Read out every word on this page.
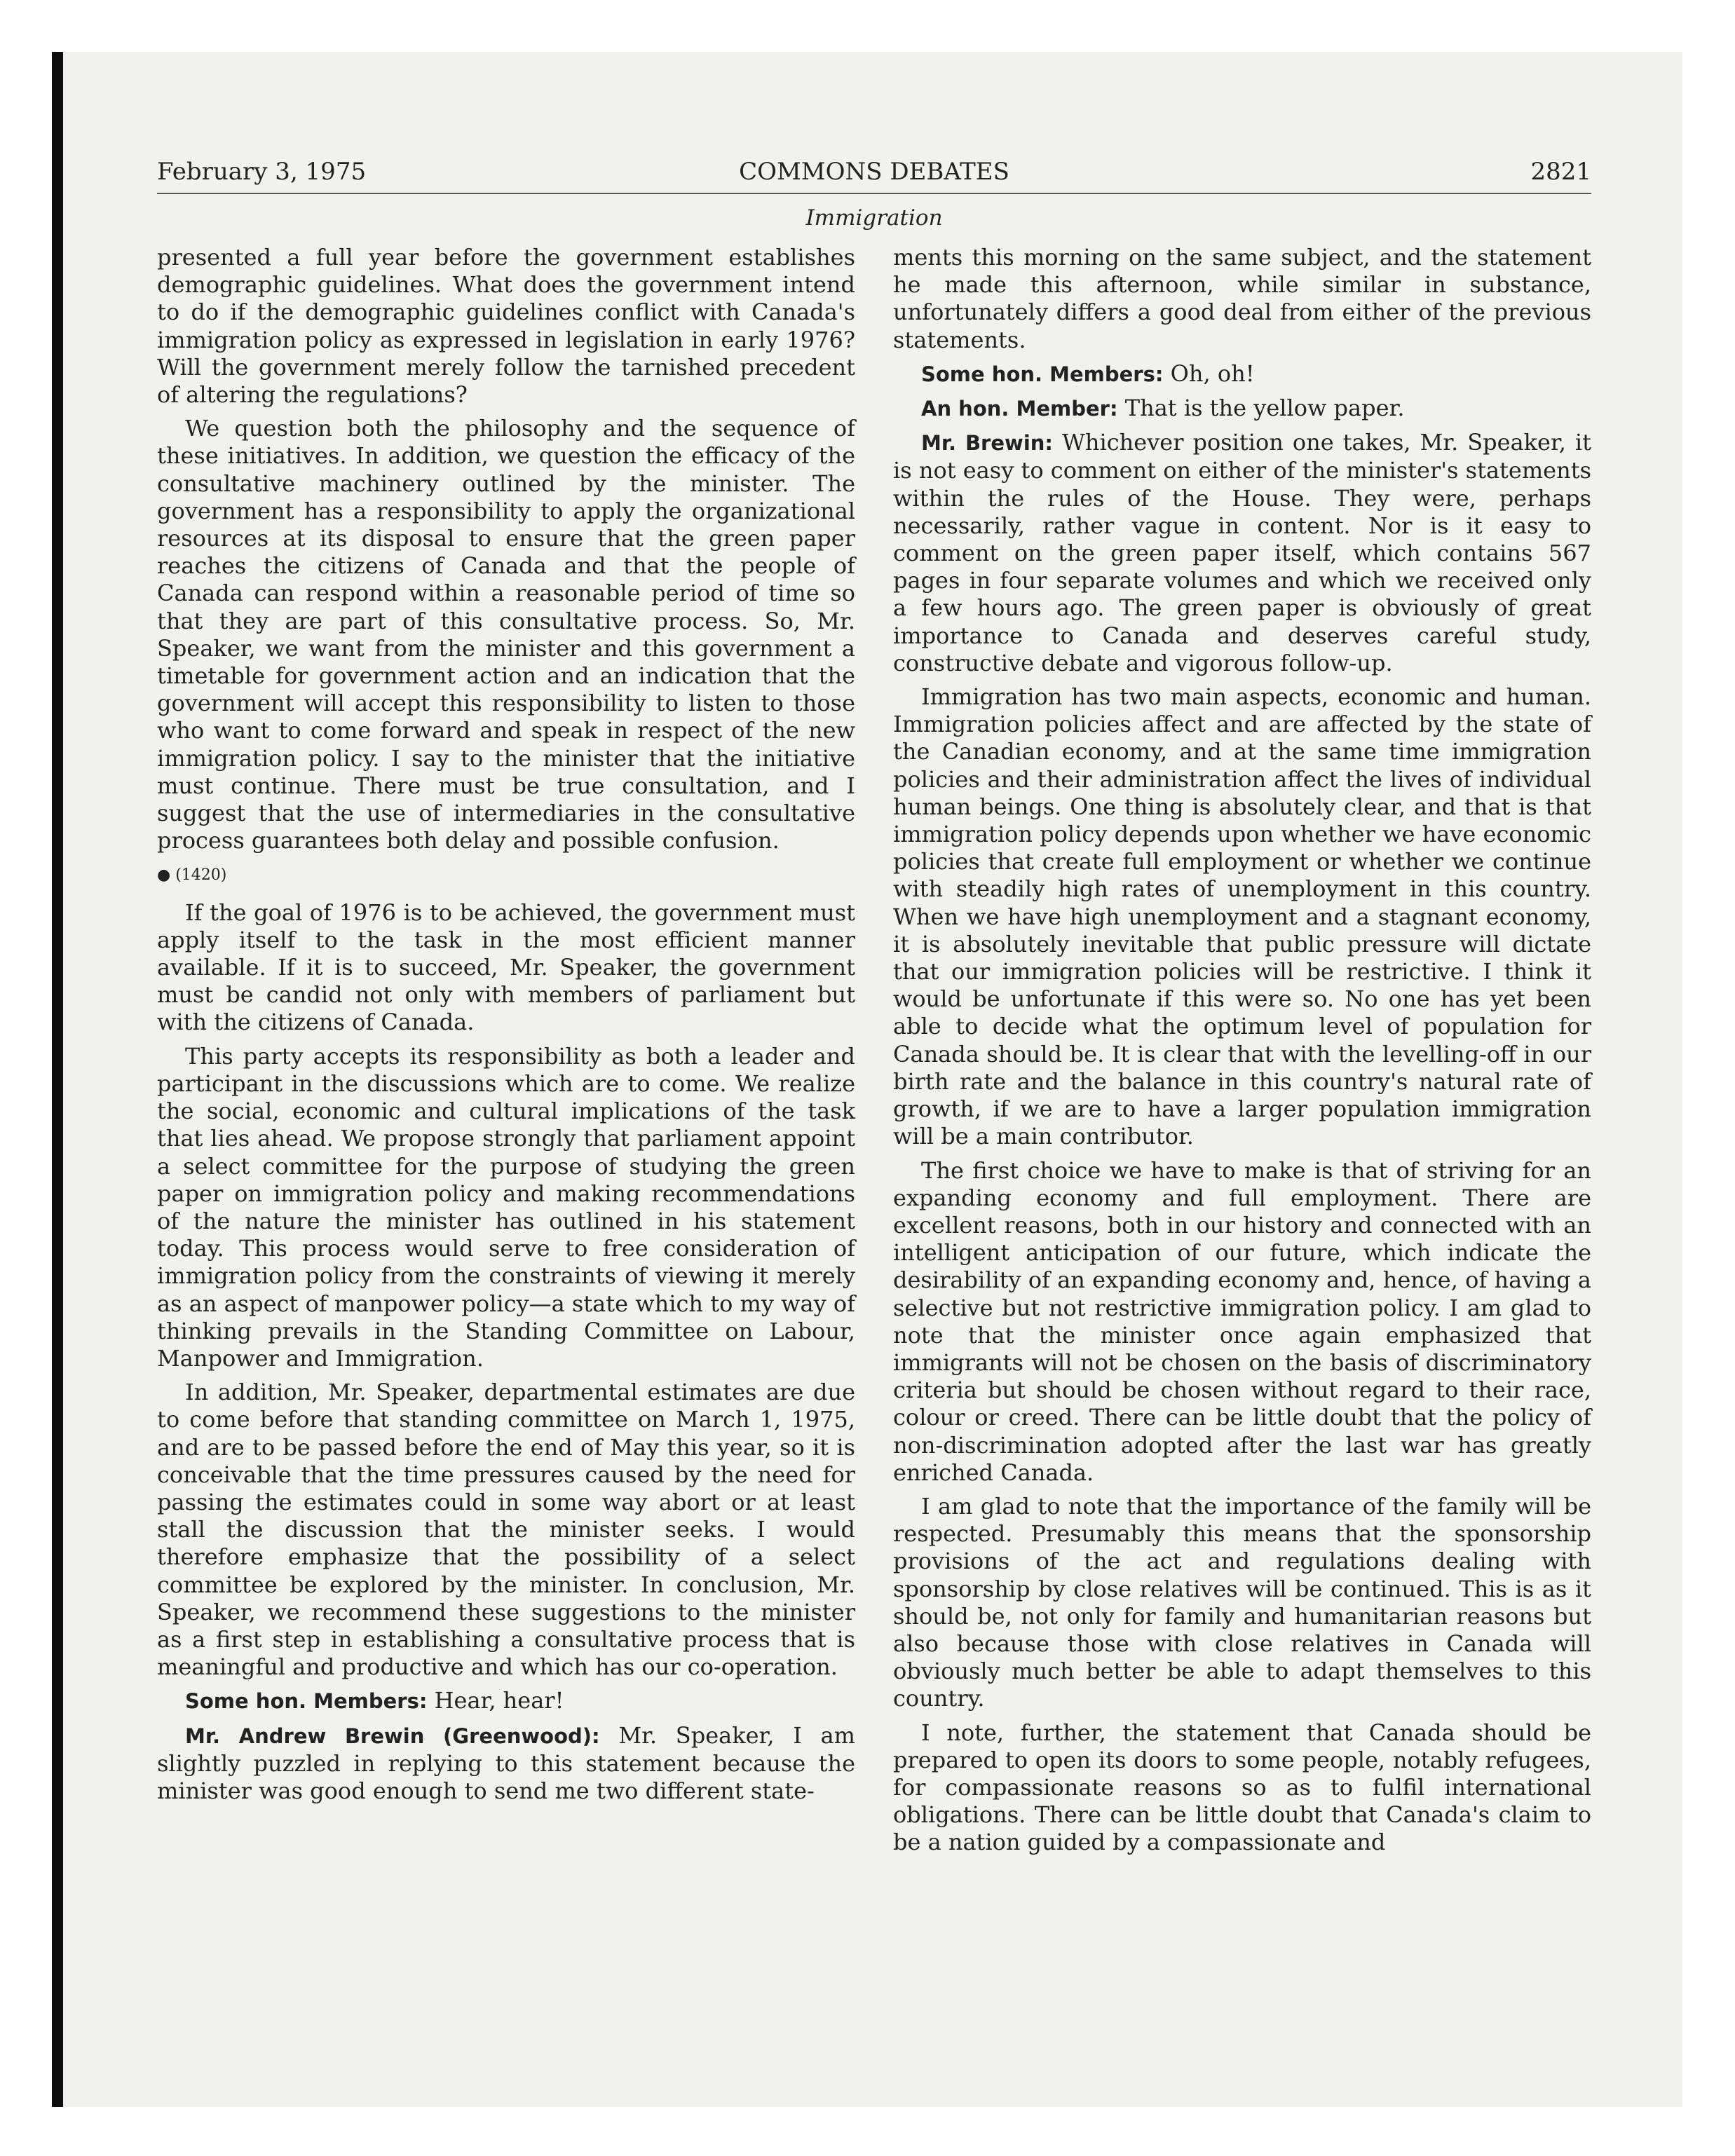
February 3, 1975	COMMONS DEBATES	2821
Immigration

presented a full year before the government establishes demographic guidelines. What does the government intend to do if the demographic guidelines conflict with Canada's immigration policy as expressed in legislation in early 1976? Will the government merely follow the tarnished precedent of altering the regulations?

We question both the philosophy and the sequence of these initiatives. In addition, we question the efficacy of the consultative machinery outlined by the minister. The government has a responsibility to apply the organizational resources at its disposal to ensure that the green paper reaches the citizens of Canada and that the people of Canada can respond within a reasonable period of time so that they are part of this consultative process. So, Mr. Speaker, we want from the minister and this government a timetable for government action and an indication that the government will accept this responsibility to listen to those who want to come forward and speak in respect of the new immigration policy. I say to the minister that the initiative must continue. There must be true consultation, and I suggest that the use of intermediaries in the consultative process guarantees both delay and possible confusion.

● (1420)

If the goal of 1976 is to be achieved, the government must apply itself to the task in the most efficient manner available. If it is to succeed, Mr. Speaker, the government must be candid not only with members of parliament but with the citizens of Canada.

This party accepts its responsibility as both a leader and participant in the discussions which are to come. We realize the social, economic and cultural implications of the task that lies ahead. We propose strongly that parliament appoint a select committee for the purpose of studying the green paper on immigration policy and making recommendations of the nature the minister has outlined in his statement today. This process would serve to free consideration of immigration policy from the constraints of viewing it merely as an aspect of manpower policy—a state which to my way of thinking prevails in the Standing Committee on Labour, Manpower and Immigration.

In addition, Mr. Speaker, departmental estimates are due to come before that standing committee on March 1, 1975, and are to be passed before the end of May this year, so it is conceivable that the time pressures caused by the need for passing the estimates could in some way abort or at least stall the discussion that the minister seeks. I would therefore emphasize that the possibility of a select committee be explored by the minister. In conclusion, Mr. Speaker, we recommend these suggestions to the minister as a first step in establishing a consultative process that is meaningful and productive and which has our co-operation.

Some hon. Members: Hear, hear!

Mr. Andrew Brewin (Greenwood): Mr. Speaker, I am slightly puzzled in replying to this statement because the minister was good enough to send me two different state-

ments this morning on the same subject, and the statement he made this afternoon, while similar in substance, unfortunately differs a good deal from either of the previous statements.

Some hon. Members: Oh, oh!

An hon. Member: That is the yellow paper.

Mr. Brewin: Whichever position one takes, Mr. Speaker, it is not easy to comment on either of the minister's statements within the rules of the House. They were, perhaps necessarily, rather vague in content. Nor is it easy to comment on the green paper itself, which contains 567 pages in four separate volumes and which we received only a few hours ago. The green paper is obviously of great importance to Canada and deserves careful study, constructive debate and vigorous follow-up.

Immigration has two main aspects, economic and human. Immigration policies affect and are affected by the state of the Canadian economy, and at the same time immigration policies and their administration affect the lives of individual human beings. One thing is absolutely clear, and that is that immigration policy depends upon whether we have economic policies that create full employment or whether we continue with steadily high rates of unemployment in this country. When we have high unemployment and a stagnant economy, it is absolutely inevitable that public pressure will dictate that our immigration policies will be restrictive. I think it would be unfortunate if this were so. No one has yet been able to decide what the optimum level of population for Canada should be. It is clear that with the levelling-off in our birth rate and the balance in this country's natural rate of growth, if we are to have a larger population immigration will be a main contributor.

The first choice we have to make is that of striving for an expanding economy and full employment. There are excellent reasons, both in our history and connected with an intelligent anticipation of our future, which indicate the desirability of an expanding economy and, hence, of having a selective but not restrictive immigration policy. I am glad to note that the minister once again emphasized that immigrants will not be chosen on the basis of discriminatory criteria but should be chosen without regard to their race, colour or creed. There can be little doubt that the policy of non-discrimination adopted after the last war has greatly enriched Canada.

I am glad to note that the importance of the family will be respected. Presumably this means that the sponsorship provisions of the act and regulations dealing with sponsorship by close relatives will be continued. This is as it should be, not only for family and humanitarian reasons but also because those with close relatives in Canada will obviously much better be able to adapt themselves to this country.

I note, further, the statement that Canada should be prepared to open its doors to some people, notably refugees, for compassionate reasons so as to fulfil international obligations. There can be little doubt that Canada's claim to be a nation guided by a compassionate and
